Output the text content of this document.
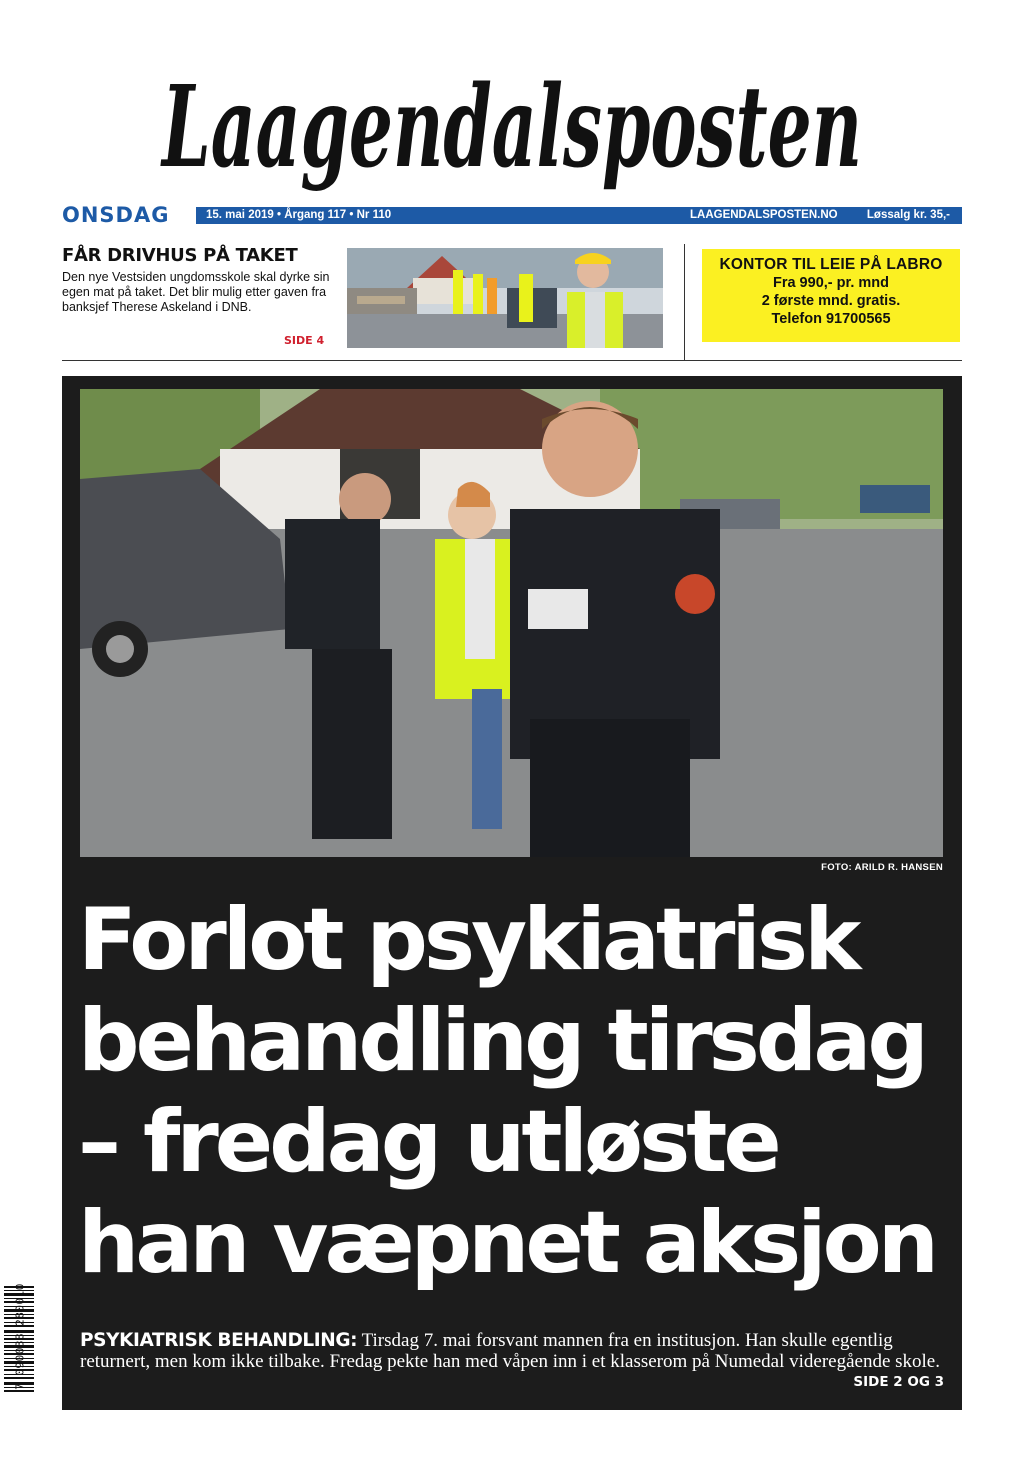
Laagendalsposten
ONSDAG	15. mai 2019 • Årgang 117 • Nr 110	LAAGENDALSPOSTEN.NO	Løssalg kr. 35,-
FÅR DRIVHUS PÅ TAKET
Den nye Vestsiden ungdomsskole skal dyrke sin egen mat på taket. Det blir mulig etter gaven fra banksjef Therese Askeland i DNB.
SIDE 4
KONTOR TIL LEIE PÅ LABRO
Fra 990,- pr. mnd
2 første mnd. gratis.
Telefon 91700565
FOTO: ARILD R. HANSEN
Forlot psykiatrisk
behandling tirsdag
– fredag utløste
han væpnet aksjon
PSYKIATRISK BEHANDLING: Tirsdag 7. mai forsvant mannen fra en institusjon. Han skulle egentlig returnert, men kom ikke tilbake. Fredag pekte han med våpen inn i et klasserom på Numedal videregående skole.
SIDE 2 OG 3
7 090038 280010
